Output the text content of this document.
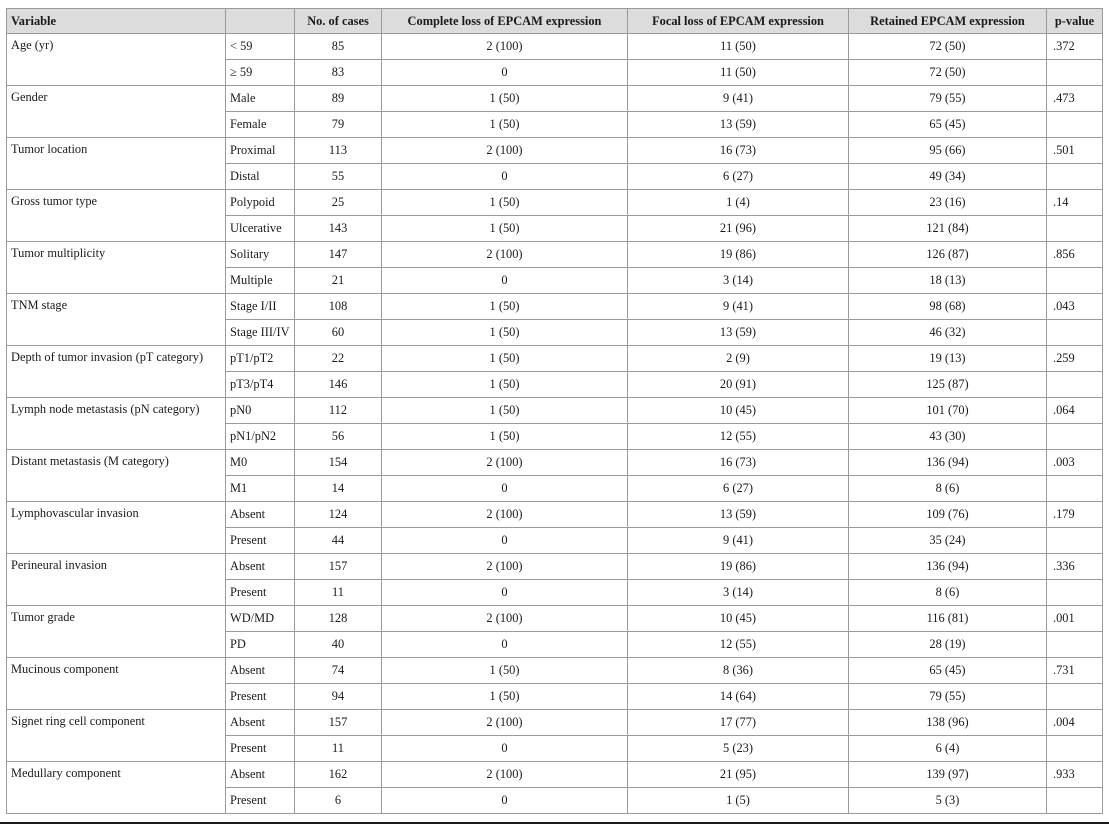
Variable		No. of cases	Complete loss of EPCAM expression	Focal loss of EPCAM expression	Retained EPCAM expression	p-value
Age (yr)	< 59	85	2 (100)	11 (50)	72 (50)	.372
	≥ 59	83	0	11 (50)	72 (50)	
Gender	Male	89	1 (50)	9 (41)	79 (55)	.473
	Female	79	1 (50)	13 (59)	65 (45)	
Tumor location	Proximal	113	2 (100)	16 (73)	95 (66)	.501
	Distal	55	0	6 (27)	49 (34)	
Gross tumor type	Polypoid	25	1 (50)	1 (4)	23 (16)	.14
	Ulcerative	143	1 (50)	21 (96)	121 (84)	
Tumor multiplicity	Solitary	147	2 (100)	19 (86)	126 (87)	.856
	Multiple	21	0	3 (14)	18 (13)	
TNM stage	Stage I/II	108	1 (50)	9 (41)	98 (68)	.043
	Stage III/IV	60	1 (50)	13 (59)	46 (32)	
Depth of tumor invasion (pT category)	pT1/pT2	22	1 (50)	2 (9)	19 (13)	.259
	pT3/pT4	146	1 (50)	20 (91)	125 (87)	
Lymph node metastasis (pN category)	pN0	112	1 (50)	10 (45)	101 (70)	.064
	pN1/pN2	56	1 (50)	12 (55)	43 (30)	
Distant metastasis (M category)	M0	154	2 (100)	16 (73)	136 (94)	.003
	M1	14	0	6 (27)	8 (6)	
Lymphovascular invasion	Absent	124	2 (100)	13 (59)	109 (76)	.179
	Present	44	0	9 (41)	35 (24)	
Perineural invasion	Absent	157	2 (100)	19 (86)	136 (94)	.336
	Present	11	0	3 (14)	8 (6)	
Tumor grade	WD/MD	128	2 (100)	10 (45)	116 (81)	.001
	PD	40	0	12 (55)	28 (19)	
Mucinous component	Absent	74	1 (50)	8 (36)	65 (45)	.731
	Present	94	1 (50)	14 (64)	79 (55)	
Signet ring cell component	Absent	157	2 (100)	17 (77)	138 (96)	.004
	Present	11	0	5 (23)	6 (4)	
Medullary component	Absent	162	2 (100)	21 (95)	139 (97)	.933
	Present	6	0	1 (5)	5 (3)	
